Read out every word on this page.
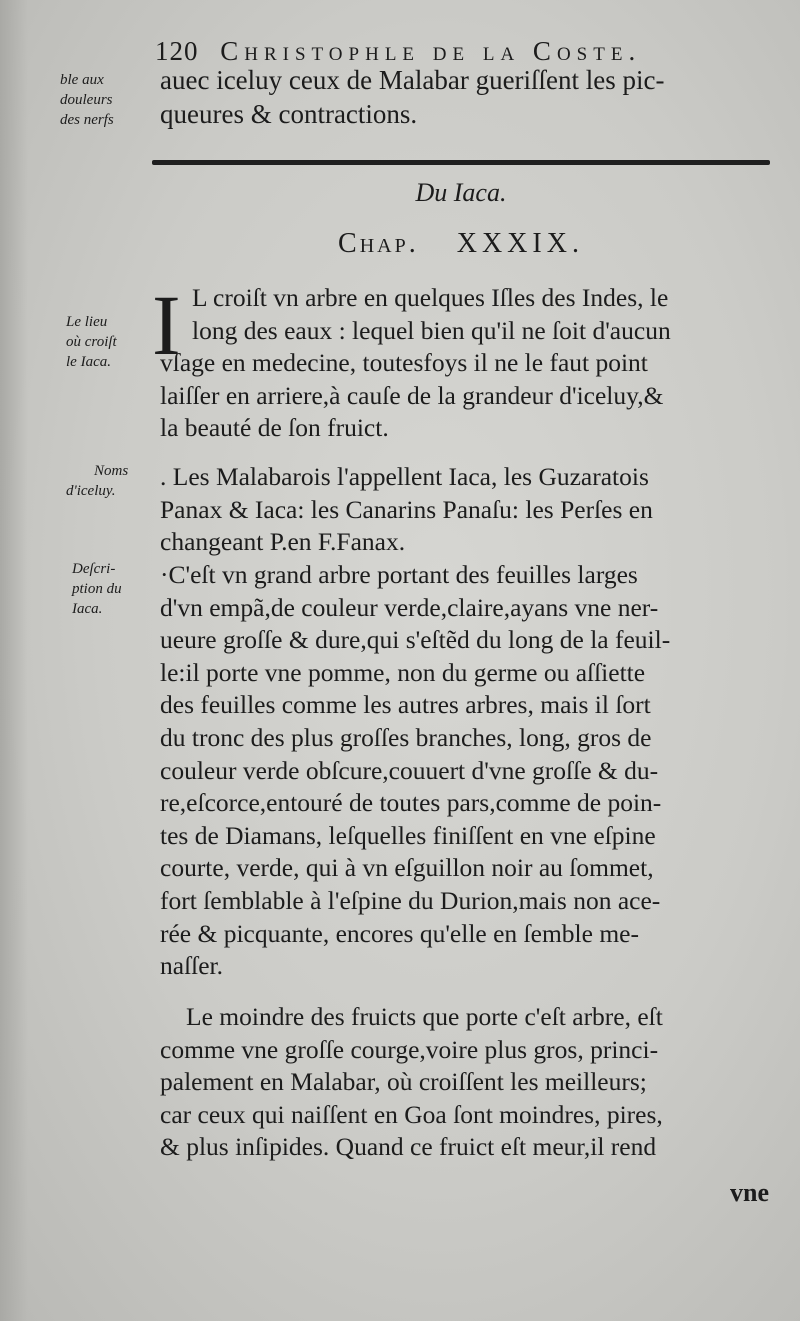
120 Christophle de la Coste.
ble aux
douleurs
des nerfs
auec iceluy ceux de Malabar gueriſſent les pic-
queures & contractions.
Du Iaca.
Chap. XXXIX.
Le lieu
où croiſt
le Iaca. I L croiſt vn arbre en quelques Iſles des Indes, le
long des eaux : lequel bien qu'il ne ſoit d'aucun
vſage en medecine, toutesfoys il ne le faut point
laiſſer en arriere,à cauſe de la grandeur d'iceluy,&
la beauté de ſon fruict.
Noms
d'iceluy.	. Les Malabarois l'appellent Iaca, les Guzaratois
Panax & Iaca: les Canarins Panaſu: les Perſes en
changeant P.en F.Fanax.
Deſcri-
ption du
Iaca.
·C'eſt vn grand arbre portant des feuilles larges
d'vn empã,de couleur verde,claire,ayans vne ner-
ueure groſſe & dure,qui s'eſtẽd du long de la feuil-
le:il porte vne pomme, non du germe ou aſſiette
des feuilles comme les autres arbres, mais il ſort
du tronc des plus groſſes branches, long, gros de
couleur verde obſcure,couuert d'vne groſſe & du-
re,eſcorce,entouré de toutes pars,comme de poin-
tes de Diamans, leſquelles finiſſent en vne eſpine
courte, verde, qui à vn eſguillon noir au ſommet,
fort ſemblable à l'eſpine du Durion,mais non ace-
rée & picquante, encores qu'elle en ſemble me-
naſſer.
Le moindre des fruicts que porte c'eſt arbre, eſt
comme vne groſſe courge,voire plus gros, princi-
palement en Malabar, où croiſſent les meilleurs;
car ceux qui naiſſent en Goa ſont moindres, pires,
& plus inſipides. Quand ce fruict eſt meur,il rend
vne
